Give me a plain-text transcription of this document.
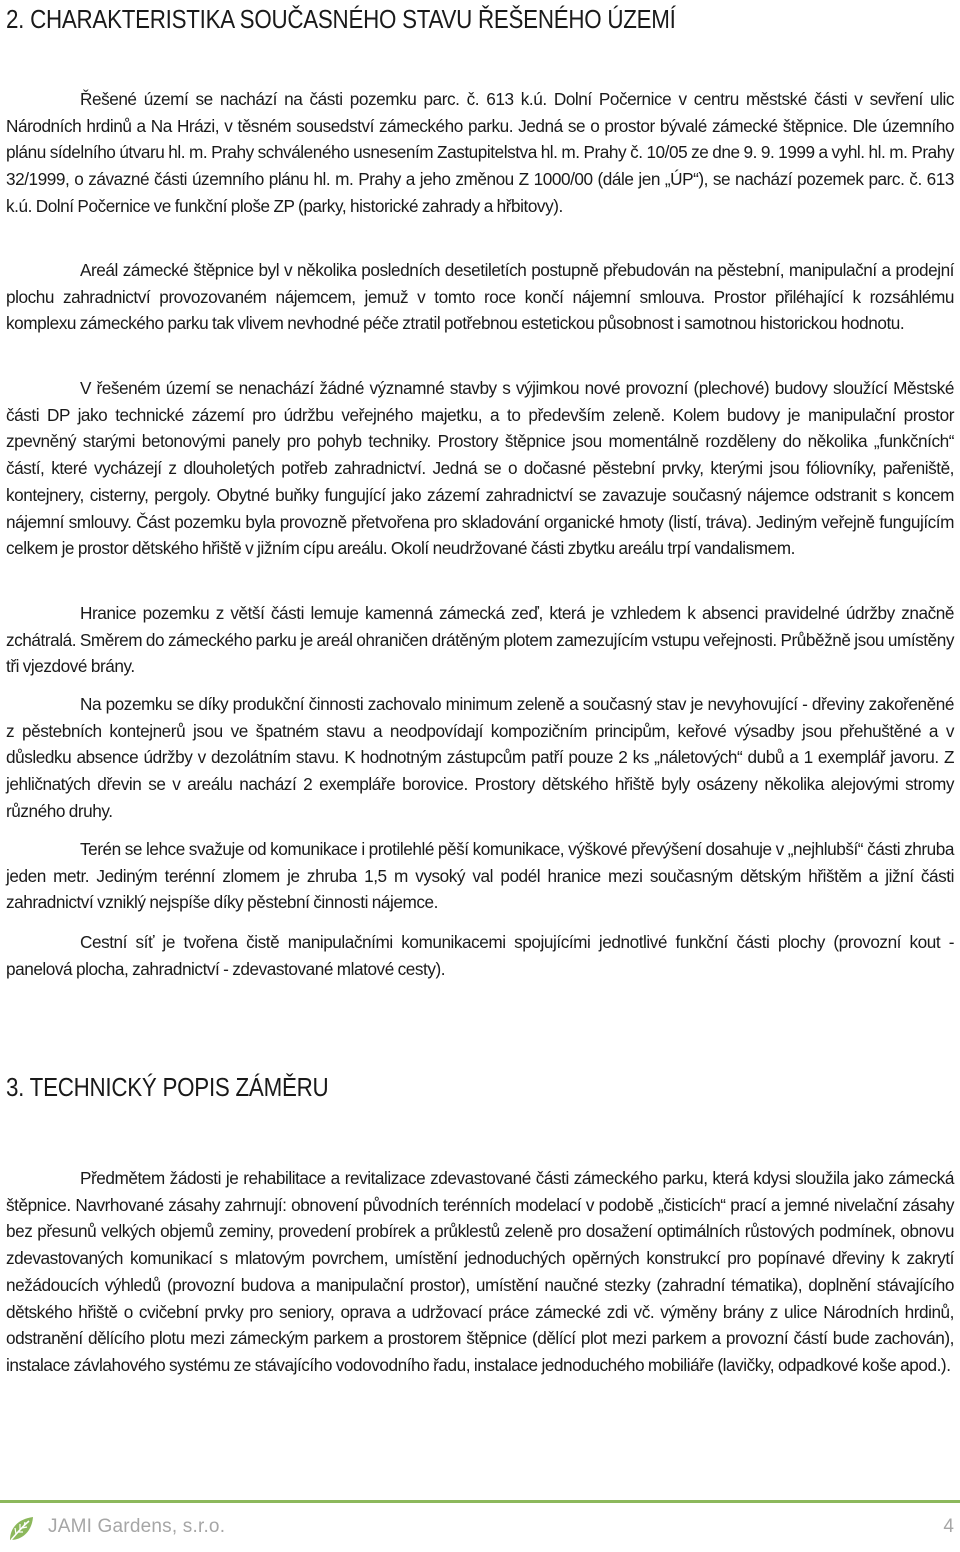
2. CHARAKTERISTIKA SOUČASNÉHO STAVU ŘEŠENÉHO ÚZEMÍ

Řešené území se nachází na části pozemku parc. č. 613 k.ú. Dolní Počernice v centru městské části v sevření ulic Národních hrdinů a Na Hrázi, v těsném sousedství zámeckého parku. Jedná se o prostor bývalé zámecké štěpnice. Dle územního plánu sídelního útvaru hl. m. Prahy schváleného usnesením Zastupitelstva hl. m. Prahy č. 10/05 ze dne 9. 9. 1999 a vyhl. hl. m. Prahy 32/1999, o závazné části územního plánu hl. m. Prahy a jeho změnou Z 1000/00 (dále jen „ÚP“), se nachází pozemek parc. č. 613 k.ú. Dolní Počernice ve funkční ploše ZP (parky, historické zahrady a hřbitovy).

Areál zámecké štěpnice byl v několika posledních desetiletích postupně přebudován na pěstební, manipulační a prodejní plochu zahradnictví provozovaném nájemcem, jemuž v tomto roce končí nájemní smlouva. Prostor přiléhající k rozsáhlému komplexu zámeckého parku tak vlivem nevhodné péče ztratil potřebnou estetickou působnost i samotnou historickou hodnotu.

V řešeném území se nenachází žádné významné stavby s výjimkou nové provozní (plechové) budovy sloužící Městské části DP jako technické zázemí pro údržbu veřejného majetku, a to především zeleně. Kolem budovy je manipulační prostor zpevněný starými betonovými panely pro pohyb techniky. Prostory štěpnice jsou momentálně rozděleny do několika „funkčních“ částí, které vycházejí z dlouholetých potřeb zahradnictví. Jedná se o dočasné pěstební prvky, kterými jsou fóliovníky, pařeniště, kontejnery, cisterny, pergoly. Obytné buňky fungující jako zázemí zahradnictví se zavazuje současný nájemce odstranit s koncem nájemní smlouvy. Část pozemku byla provozně přetvořena pro skladování organické hmoty (listí, tráva). Jediným veřejně fungujícím celkem je prostor dětského hřiště v jižním cípu areálu. Okolí neudržované části zbytku areálu trpí vandalismem.

Hranice pozemku z větší části lemuje kamenná zámecká zeď, která je vzhledem k absenci pravidelné údržby značně zchátralá. Směrem do zámeckého parku je areál ohraničen drátěným plotem zamezujícím vstupu veřejnosti. Průběžně jsou umístěny tři vjezdové brány.

Na pozemku se díky produkční činnosti zachovalo minimum zeleně a současný stav je nevyhovující - dřeviny zakořeněné z pěstebních kontejnerů jsou ve špatném stavu a neodpovídají kompozičním principům, keřové výsadby jsou přehuštěné a v důsledku absence údržby v dezolátním stavu. K hodnotným zástupcům patří pouze 2 ks „náletových“ dubů a 1 exemplář javoru. Z jehličnatých dřevin se v areálu nachází 2 exempláře borovice. Prostory dětského hřiště byly osázeny několika alejovými stromy různého druhy.

Terén se lehce svažuje od komunikace i protilehlé pěší komunikace, výškové převýšení dosahuje v „nejhlubší“ části zhruba jeden metr. Jediným terénní zlomem je zhruba 1,5 m vysoký val podél hranice mezi současným dětským hřištěm a jižní části zahradnictví vzniklý nejspíše díky pěstební činnosti nájemce.

Cestní síť je tvořena čistě manipulačními komunikacemi spojujícími jednotlivé funkční části plochy (provozní kout - panelová plocha, zahradnictví - zdevastované mlatové cesty).

3. TECHNICKÝ POPIS ZÁMĚRU

Předmětem žádosti je rehabilitace a revitalizace zdevastované části zámeckého parku, která kdysi sloužila jako zámecká štěpnice. Navrhované zásahy zahrnují: obnovení původních terénních modelací v podobě „čisticích“ prací a jemné nivelační zásahy bez přesunů velkých objemů zeminy, provedení probírek a průklestů zeleně pro dosažení optimálních růstových podmínek, obnovu zdevastovaných komunikací s mlatovým povrchem, umístění jednoduchých opěrných konstrukcí pro popínavé dřeviny k zakrytí nežádoucích výhledů (provozní budova a manipulační prostor), umístění naučné stezky (zahradní tématika), doplnění stávajícího dětského hřiště o cvičební prvky pro seniory, oprava a udržovací práce zámecké zdi vč. výměny brány z ulice Národních hrdinů, odstranění dělícího plotu mezi zámeckým parkem a prostorem štěpnice (dělící plot mezi parkem a provozní částí bude zachován), instalace závlahového systému ze stávajícího vodovodního řadu, instalace jednoduchého mobiliáře (lavičky, odpadkové koše apod.).

JAMI Gardens, s.r.o.	4
